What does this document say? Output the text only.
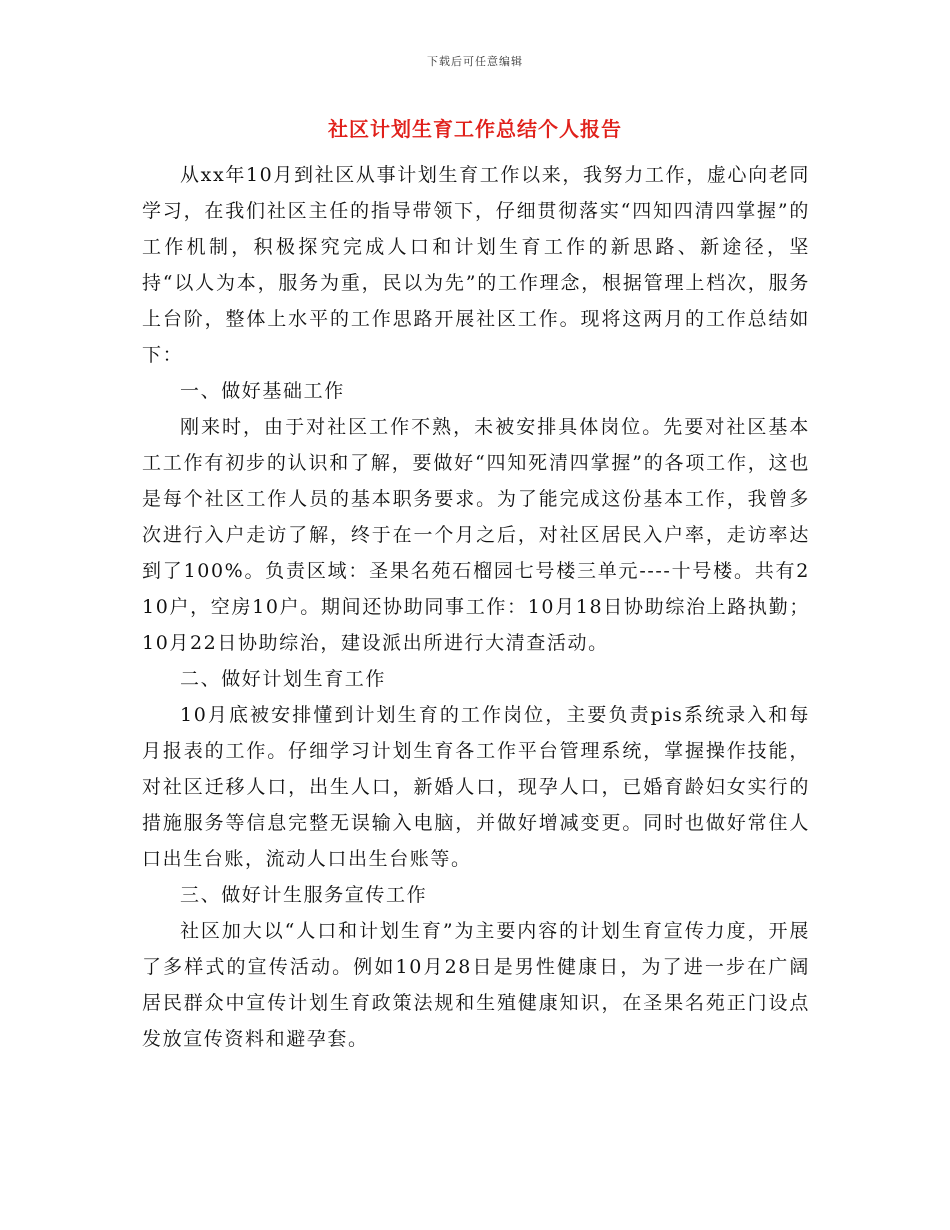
下载后可任意编辑
社区计划生育工作总结个人报告

从xx年10月到社区从事计划生育工作以来，我努力工作，虚心向老同学习，在我们社区主任的指导带领下，仔细贯彻落实“四知四清四掌握”的工作机制，积极探究完成人口和计划生育工作的新思路、新途径，坚持“以人为本，服务为重，民以为先”的工作理念，根据管理上档次，服务上台阶，整体上水平的工作思路开展社区工作。现将这两月的工作总结如下：

一、做好基础工作

刚来时，由于对社区工作不熟，未被安排具体岗位。先要对社区基本工工作有初步的认识和了解，要做好“四知死清四掌握”的各项工作，这也是每个社区工作人员的基本职务要求。为了能完成这份基本工作，我曾多次进行入户走访了解，终于在一个月之后，对社区居民入户率，走访率达到了100%。负责区域：圣果名苑石榴园七号楼三单元----十号楼。共有210户，空房10户。期间还协助同事工作：10月18日协助综治上路执勤；10月22日协助综治，建设派出所进行大清查活动。

二、做好计划生育工作

10月底被安排懂到计划生育的工作岗位，主要负责pis系统录入和每月报表的工作。仔细学习计划生育各工作平台管理系统，掌握操作技能，对社区迁移人口，出生人口，新婚人口，现孕人口，已婚育龄妇女实行的措施服务等信息完整无误输入电脑，并做好增减变更。同时也做好常住人口出生台账，流动人口出生台账等。

三、做好计生服务宣传工作

社区加大以“人口和计划生育”为主要内容的计划生育宣传力度，开展了多样式的宣传活动。例如10月28日是男性健康日，为了进一步在广阔居民群众中宣传计划生育政策法规和生殖健康知识，在圣果名苑正门设点发放宣传资料和避孕套。
